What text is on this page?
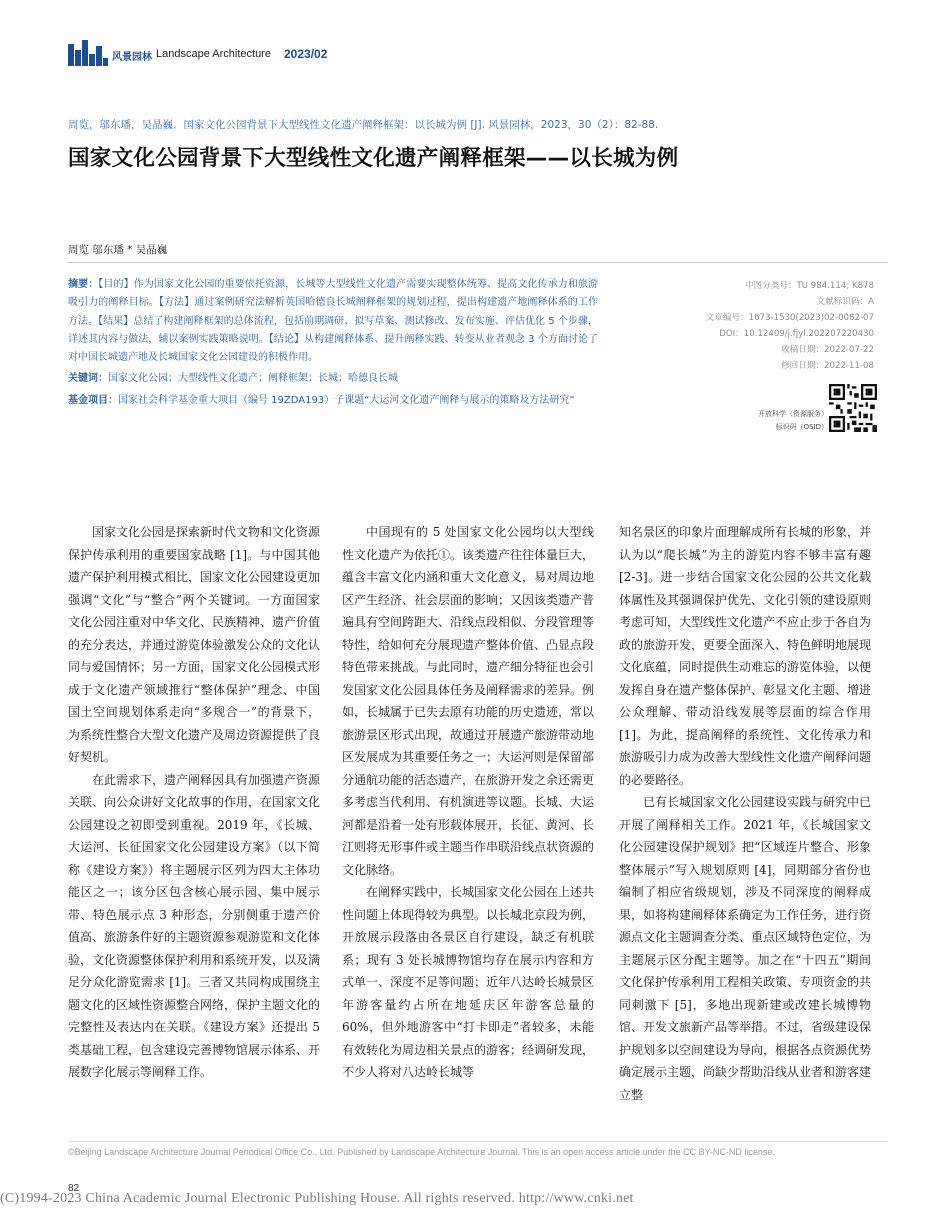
风景园林 Landscape Architecture 2023/02
周览，邬东璠，吴晶巍．国家文化公园背景下大型线性文化遗产阐释框架：以长城为例 [J]. 风景园林，2023，30（2）：82-88.
国家文化公园背景下大型线性文化遗产阐释框架——以长城为例
周览 邬东璠 * 吴晶巍

摘要：【目的】作为国家文化公园的重要依托资源，长城等大型线性文化遗产需要实现整体统筹、提高文化传承力和旅游吸引力的阐释目标。【方法】通过案例研究法解析英国哈德良长城阐释框架的规划过程，提出构建遗产地阐释体系的工作方法。【结果】总结了构建阐释框架的总体流程，包括前期调研、拟写草案、测试修改、发布实施、评估优化 5 个步骤，详述其内容与做法，辅以案例实践策略说明。【结论】从构建阐释体系、提升阐释实践、转变从业者观念 3 个方面讨论了对中国长城遗产地及长城国家文化公园建设的积极作用。

关键词：国家文化公园；大型线性文化遗产；阐释框架；长城；哈德良长城

基金项目：国家社会科学基金重大项目（编号 19ZDA193）子课题“大运河文化遗产阐释与展示的策略及方法研究”

中图分类号：TU 984.114; K878
文献标识码：A
文章编号：1673-1530(2023)02-0082-07
DOI：10.12409/j.fjyl.202207220430
收稿日期：2022-07-22
修回日期：2022-11-08
开放科学（资源服务）
标识码（OSID）

国家文化公园是探索新时代文物和文化资源保护传承利用的重要国家战略 [1]。与中国其他遗产保护利用模式相比，国家文化公园建设更加强调“文化”与“整合”两个关键词。一方面国家文化公园注重对中华文化、民族精神、遗产价值的充分表达，并通过游览体验激发公众的文化认同与爱国情怀；另一方面，国家文化公园模式形成于文化遗产领域推行“整体保护”理念、中国国土空间规划体系走向“多规合一”的背景下，为系统性整合大型文化遗产及周边资源提供了良好契机。

在此需求下，遗产阐释因具有加强遗产资源关联、向公众讲好文化故事的作用，在国家文化公园建设之初即受到重视。2019 年，《长城、大运河、长征国家文化公园建设方案》（以下简称《建设方案》）将主题展示区列为四大主体功能区之一；该分区包含核心展示园、集中展示带、特色展示点 3 种形态，分别侧重于遗产价值高、旅游条件好的主题资源参观游览和文化体验，文化资源整体保护利用和系统开发，以及满足分众化游览需求 [1]。三者又共同构成围绕主题文化的区域性资源整合网络，保护主题文化的完整性及表达内在关联。《建设方案》还提出 5 类基础工程，包含建设完善博物馆展示体系、开展数字化展示等阐释工作。

中国现有的 5 处国家文化公园均以大型线性文化遗产为依托①。该类遗产往往体量巨大，蕴含丰富文化内涵和重大文化意义，易对周边地区产生经济、社会层面的影响；又因该类遗产普遍具有空间跨距大、沿线点段相似、分段管理等特性，给如何充分展现遗产整体价值、凸显点段特色带来挑战。与此同时，遗产细分特征也会引发国家文化公园具体任务及阐释需求的差异。例如，长城属于已失去原有功能的历史遗迹，常以旅游景区形式出现，故通过开展遗产旅游带动地区发展成为其重要任务之一；大运河则是保留部分通航功能的活态遗产，在旅游开发之余还需更多考虑当代利用、有机演进等议题。长城、大运河都是沿着一处有形载体展开，长征、黄河、长江则将无形事件或主题当作串联沿线点状资源的文化脉络。

在阐释实践中，长城国家文化公园在上述共性问题上体现得较为典型。以长城北京段为例，开放展示段落由各景区自行建设，缺乏有机联系；现有 3 处长城博物馆均存在展示内容和方式单一、深度不足等问题；近年八达岭长城景区年游客量约占所在地延庆区年游客总量的 60%，但外地游客中“打卡即走”者较多，未能有效转化为周边相关景点的游客；经调研发现，不少人将对八达岭长城等

知名景区的印象片面理解成所有长城的形象，并认为以“爬长城”为主的游览内容不够丰富有趣 [2-3]。进一步结合国家文化公园的公共文化载体属性及其强调保护优先、文化引领的建设原则考虑可知，大型线性文化遗产不应止步于各自为政的旅游开发，更要全面深入、特色鲜明地展现文化底蕴，同时提供生动难忘的游览体验，以便发挥自身在遗产整体保护、彰显文化主题、增进公众理解、带动沿线发展等层面的综合作用 [1]。为此，提高阐释的系统性、文化传承力和旅游吸引力成为改善大型线性文化遗产阐释问题的必要路径。

已有长城国家文化公园建设实践与研究中已开展了阐释相关工作。2021 年，《长城国家文化公园建设保护规划》把“区域连片整合、形象整体展示”写入规划原则 [4]，同期部分省份也编制了相应省级规划，涉及不同深度的阐释成果，如将构建阐释体系确定为工作任务，进行资源点文化主题调查分类、重点区域特色定位，为主题展示区分配主题等。加之在“十四五”期间文化保护传承利用工程相关政策、专项资金的共同刺激下 [5]，多地出现新建或改建长城博物馆、开发文旅新产品等举措。不过，省级建设保护规划多以空间建设为导向，根据各点资源优势确定展示主题，尚缺少帮助沿线从业者和游客建立整

©Beijing Landscape Architecture Journal Periodical Office Co., Ltd. Published by Landscape Architecture Journal. This is an open access article under the CC BY-NC-ND license.
82
(C)1994-2023 China Academic Journal Electronic Publishing House. All rights reserved. http://www.cnki.net
